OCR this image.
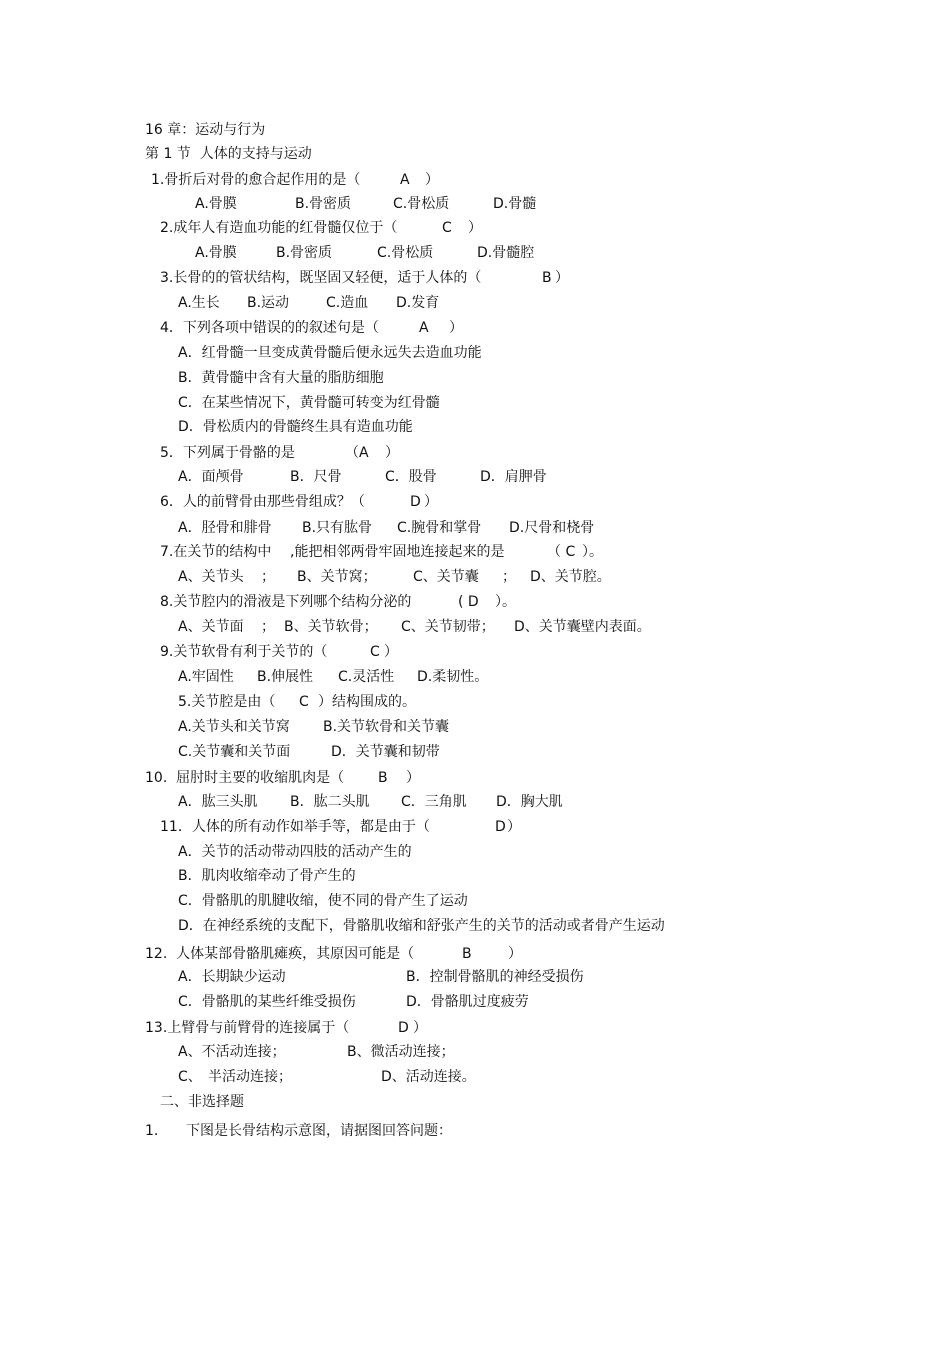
16 章：运动与行为
第 1 节  人体的支持与运动
1.骨折后对骨的愈合起作用的是（	A ）
A.骨膜	B.骨密质	C.骨松质	D.骨髓
2.成年人有造血功能的红骨髓仅位于（	C ）
A.骨膜	B.骨密质	C.骨松质	D.骨髓腔
3.长骨的的管状结构，既坚固又轻便，适于人体的（	B ）
A.生长 B.运动	C.造血 D.发育
4．下列各项中错误的的叙述句是（	A ）
A．红骨髓一旦变成黄骨髓后便永远失去造血功能
B．黄骨髓中含有大量的脂肪细胞
C．在某些情况下，黄骨髓可转变为红骨髓
D．骨松质内的骨髓终生具有造血功能
5．下列属于骨骼的是	（A ）
A．面颅骨	B．尺骨	C．股骨	D．肩胛骨
6．人的前臂骨由那些骨组成？（	D ）
A．胫骨和腓骨 B.只有肱骨 C.腕骨和掌骨 D.尺骨和桡骨
7.在关节的结构中 ,能把相邻两骨牢固地连接起来的是	（ C ）。
A、关节头 ； B、关节窝；	C、关节囊 ； D、关节腔。
8.关节腔内的滑液是下列哪个结构分泌的	( D ）。
A、关节面 ； B、关节软骨； C、关节韧带； D、关节囊壁内表面。
9.关节软骨有利于关节的（	C ）
A.牢固性 B.伸展性 C.灵活性 D.柔韧性。
5.关节腔是由（ C ）结构围成的。
A.关节头和关节窝 B.关节软骨和关节囊
C.关节囊和关节面	D．关节囊和韧带
10.  屈肘时主要的收缩肌肉是（ B ）
A．肱三头肌 B．肱二头肌 C．三角肌 D．胸大肌
11．人体的所有动作如举手等，都是由于（	D ）
A．关节的活动带动四肢的活动产生的
B．肌肉收缩牵动了骨产生的
C．骨骼肌的肌腱收缩，使不同的骨产生了运动
D．在神经系统的支配下，骨骼肌收缩和舒张产生的关节的活动或者骨产生运动
12.  人体某部骨骼肌瘫痪，其原因可能是（	B	）
A．长期缺少运动	B．控制骨骼肌的神经受损伤
C．骨骼肌的某些纤维受损伤	D．骨骼肌过度疲劳
13.上臂骨与前臂骨的连接属于（	D ）
A、不活动连接；	B、微活动连接；
C、 半活动连接；	D、活动连接。
二、非选择题
1. 下图是长骨结构示意图，请据图回答问题：
